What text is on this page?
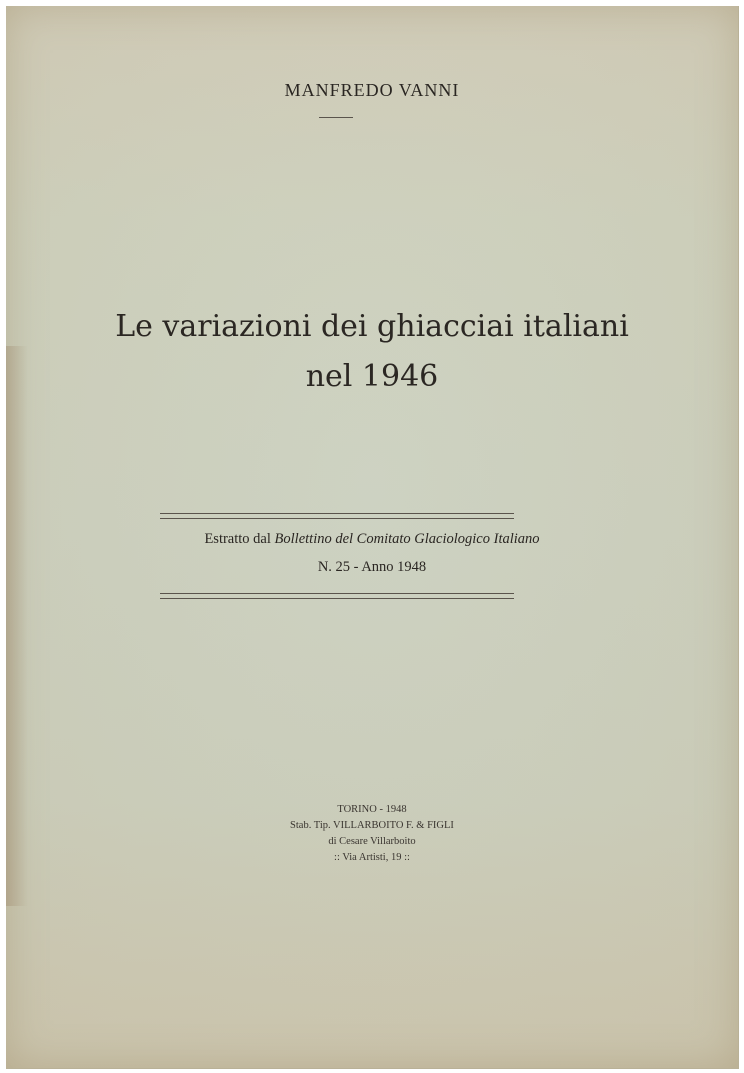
MANFREDO VANNI
Le variazioni dei ghiacciai italiani
nel 1946
Estratto dal Bollettino del Comitato Glaciologico Italiano
N. 25 - Anno 1948
TORINO - 1948
Stab. Tip. VILLARBOITO F. & FIGLI
di Cesare Villarboito
:: Via Artisti, 19 ::
